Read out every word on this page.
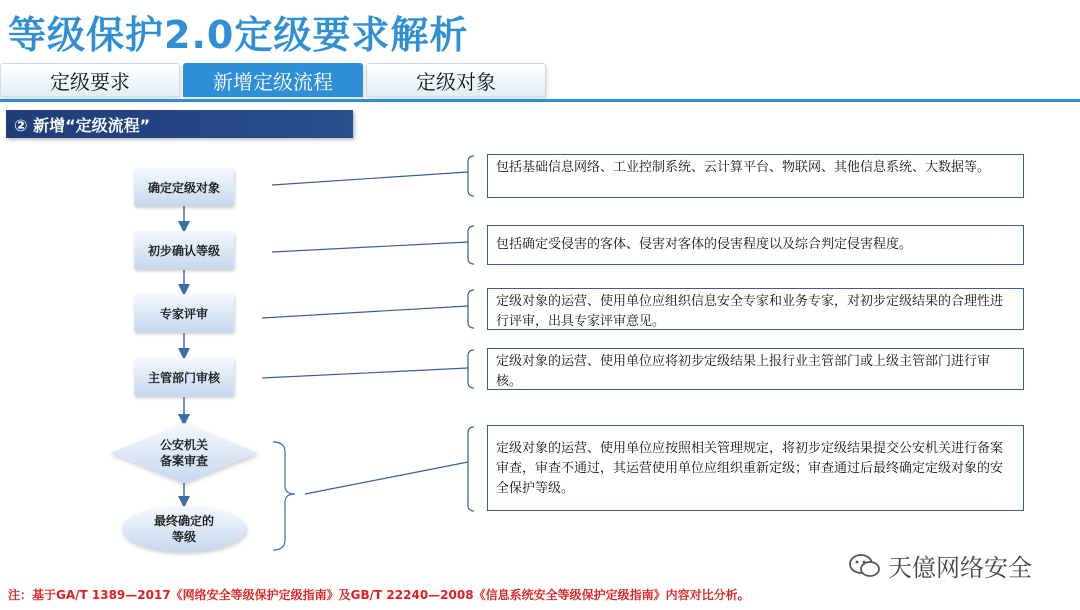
等级保护2.0定级要求解析
定级要求	新增定级流程	定级对象
② 新增“定级流程”
确定定级对象
初步确认等级
专家评审
主管部门审核
公安机关
备案审查
最终确定的
等级
包括基础信息网络、工业控制系统、云计算平台、物联网、其他信息系统、大数据等。
包括确定受侵害的客体、侵害对客体的侵害程度以及综合判定侵害程度。
定级对象的运营、使用单位应组织信息安全专家和业务专家，对初步定级结果的合理性进行评审，出具专家评审意见。
定级对象的运营、使用单位应将初步定级结果上报行业主管部门或上级主管部门进行审核。
定级对象的运营、使用单位应按照相关管理规定，将初步定级结果提交公安机关进行备案审查，审查不通过，其运营使用单位应组织重新定级；审查通过后最终确定定级对象的安全保护等级。
天億网络安全
注：基于GA/T 1389—2017《网络安全等级保护定级指南》及GB/T 22240—2008《信息系统安全等级保护定级指南》内容对比分析。
